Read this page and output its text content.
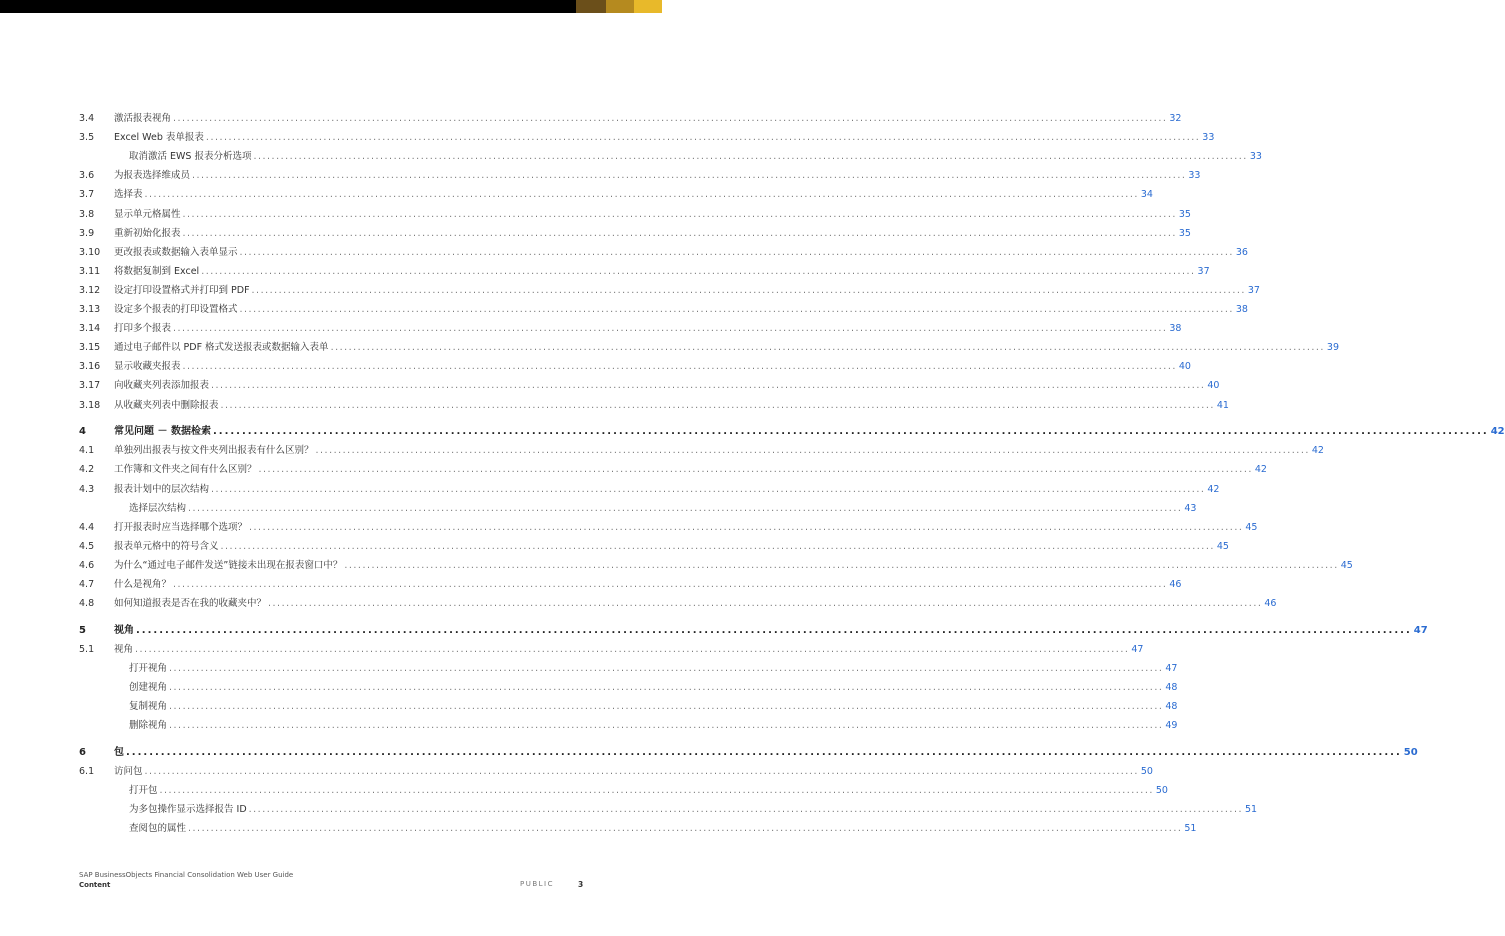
3.4 激活报表视角 ............................................................................................................................................................................................................................ 32
3.5 Excel Web 表单报表 ............................................................................................................................................................................................................................ 33
取消激活 EWS 报表分析选项 ............................................................................................................................................................................................................................ 33
3.6 为报表选择维成员 ............................................................................................................................................................................................................................ 33
3.7 选择表 ............................................................................................................................................................................................................................ 34
3.8 显示单元格属性 ............................................................................................................................................................................................................................ 35
3.9 重新初始化报表 ............................................................................................................................................................................................................................ 35
3.10 更改报表或数据输入表单显示 ............................................................................................................................................................................................................................ 36
3.11 将数据复制到 Excel ............................................................................................................................................................................................................................ 37
3.12 设定打印设置格式并打印到 PDF ............................................................................................................................................................................................................................ 37
3.13 设定多个报表的打印设置格式 ............................................................................................................................................................................................................................ 38
3.14 打印多个报表 ............................................................................................................................................................................................................................ 38
3.15 通过电子邮件以 PDF 格式发送报表或数据输入表单 ............................................................................................................................................................................................................................ 39
3.16 显示收藏夹报表 ............................................................................................................................................................................................................................ 40
3.17 向收藏夹列表添加报表 ............................................................................................................................................................................................................................ 40
3.18 从收藏夹列表中删除报表 ............................................................................................................................................................................................................................ 41
4	常见问题 － 数据检索 ............................................................................................................................................................................................................................ 42
4.1 单独列出报表与按文件夹列出报表有什么区别？ ............................................................................................................................................................................................................................ 42
4.2 工作簿和文件夹之间有什么区别？ ............................................................................................................................................................................................................................ 42
4.3 报表计划中的层次结构 ............................................................................................................................................................................................................................ 42
选择层次结构 ............................................................................................................................................................................................................................ 43
4.4 打开报表时应当选择哪个选项？ ............................................................................................................................................................................................................................ 45
4.5 报表单元格中的符号含义 ............................................................................................................................................................................................................................ 45
4.6 为什么“通过电子邮件发送”链接未出现在报表窗口中？ ............................................................................................................................................................................................................................ 45
4.7 什么是视角？ ............................................................................................................................................................................................................................ 46
4.8 如何知道报表是否在我的收藏夹中？ ............................................................................................................................................................................................................................ 46
5	视角 ............................................................................................................................................................................................................................ 47
5.1 视角 ............................................................................................................................................................................................................................ 47
打开视角 ............................................................................................................................................................................................................................ 47
创建视角 ............................................................................................................................................................................................................................ 48
复制视角 ............................................................................................................................................................................................................................ 48
删除视角 ............................................................................................................................................................................................................................ 49
6	包 ............................................................................................................................................................................................................................ 50
6.1 访问包 ............................................................................................................................................................................................................................ 50
打开包 ............................................................................................................................................................................................................................ 50
为多包操作显示选择报告 ID ............................................................................................................................................................................................................................ 51
查阅包的属性 ............................................................................................................................................................................................................................ 51
SAP BusinessObjects Financial Consolidation Web User Guide
Content	PUBLIC	3
